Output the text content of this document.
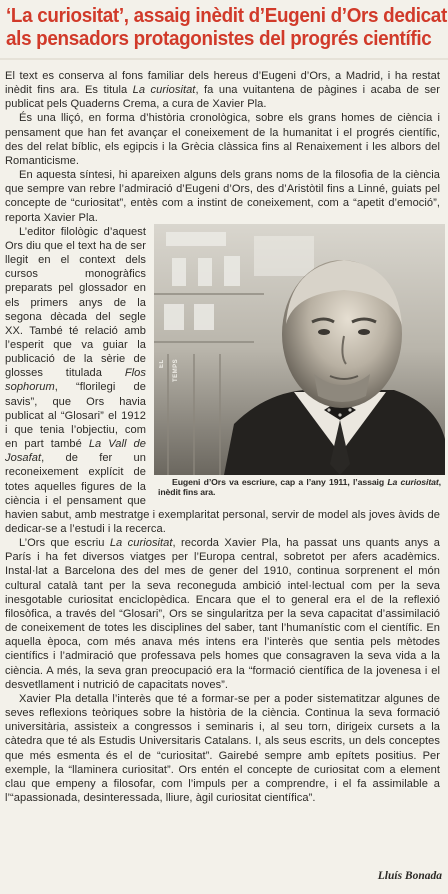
‘La curiositat’, assaig inèdit d’Eugeni d’Ors dedicat
als pensadors protagonistes del progrés científic

El text es conserva al fons familiar dels hereus d’Eugeni d’Ors, a Madrid, i ha restat inèdit fins ara. Es titula La curiositat, fa una vuitantena de pàgines i acaba de ser publicat pels Quaderns Crema, a cura de Xavier Pla.

És una lliçó, en forma d’història cronològica, sobre els grans homes de ciència i pensament que han fet avançar el coneixement de la humanitat i el progrés científic, des del relat bíblic, els egipcis i la Grècia clàssica fins al Renaixement i les albors del Romanticisme.

En aquesta síntesi, hi apareixen alguns dels grans noms de la filosofia de la ciència que sempre van rebre l’admiració d’Eugeni d’Ors, des d’Aristòtil fins a Linné, guiats pel concepte de “curiositat”, entès com a instint de coneixement, com a “apetit d’emoció”, reporta Xavier Pla.

EL TEMPS
Eugeni d’Ors va escriure, cap a l’any 1911, l’assaig La curiositat, inèdit fins ara.
L’editor filològic d’aquest Ors diu que el text ha de ser llegit en el context dels cursos monogràfics preparats pel glossador en els primers anys de la segona dècada del segle XX. També té relació amb l’esperit que va guiar la publicació de la sèrie de glosses titulada Flos sophorum, “florilegi de savis”, que Ors havia publicat al “Glosari” el 1912 i que tenia l’objectiu, com en part també La Vall de Josafat, de fer un reconeixement explícit de totes aquelles figures de la ciència i el pensament que havien sabut, amb mestratge i exemplaritat personal, servir de model als joves àvids de dedicar-se a l’estudi i la recerca.

L’Ors que escriu La curiositat, recorda Xavier Pla, ha passat uns quants anys a París i ha fet diversos viatges per l’Europa central, sobretot per afers acadèmics. Instal·lat a Barcelona des del mes de gener del 1910, continua sorprenent el món cultural català tant per la seva reconeguda ambició intel·lectual com per la seva inesgotable curiositat enciclopèdica. Encara que el to general era el de la reflexió filosòfica, a través del “Glosari”, Ors se singularitza per la seva capacitat d’assimilació de coneixement de totes les disciplines del saber, tant l’humanístic com el científic. En aquella època, com més anava més intens era l’interès que sentia pels mètodes científics i l’admiració que professava pels homes que consagraven la seva vida a la ciència. A més, la seva gran preocupació era la “formació científica de la jovenesa i el desvetllament i nutrició de capacitats noves”.

Xavier Pla detalla l’interès que té a formar-se per a poder sistematitzar algunes de seves reflexions teòriques sobre la història de la ciència. Continua la seva formació universitària, assisteix a congressos i seminaris i, al seu torn, dirigeix cursets a la càtedra que té als Estudis Universitaris Catalans. I, als seus escrits, un dels conceptes que més esmenta és el de “curiositat”. Gairebé sempre amb epítets positius. Per exemple, la “llaminera curiositat”. Ors entén el concepte de curiositat com a element clau que empeny a filosofar, com l’impuls per a comprendre, i el fa assimilable a l’“apassionada, desinteressada, lliure, àgil curiositat científica”.

Lluís Bonada
